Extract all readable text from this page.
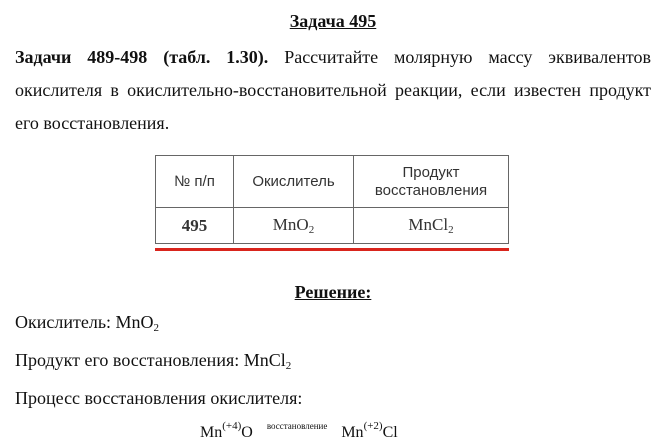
Задача 495
Задачи 489-498 (табл. 1.30). Рассчитайте молярную массу эквивалентов окислителя в окислительно-восстановительной реакции, если известен продукт его восстановления.
№ п/п	Окислитель	Продукт восстановления
495	MnO$_2$	MnCl$_2$
Решение:
Окислитель: MnO$_2$
Продукт его восстановления: MnCl$_2$
Процесс восстановления окислителя:
$Mn^{(+4)}O$ $^{восстановление}$ $Mn^{(+2)}Cl$
